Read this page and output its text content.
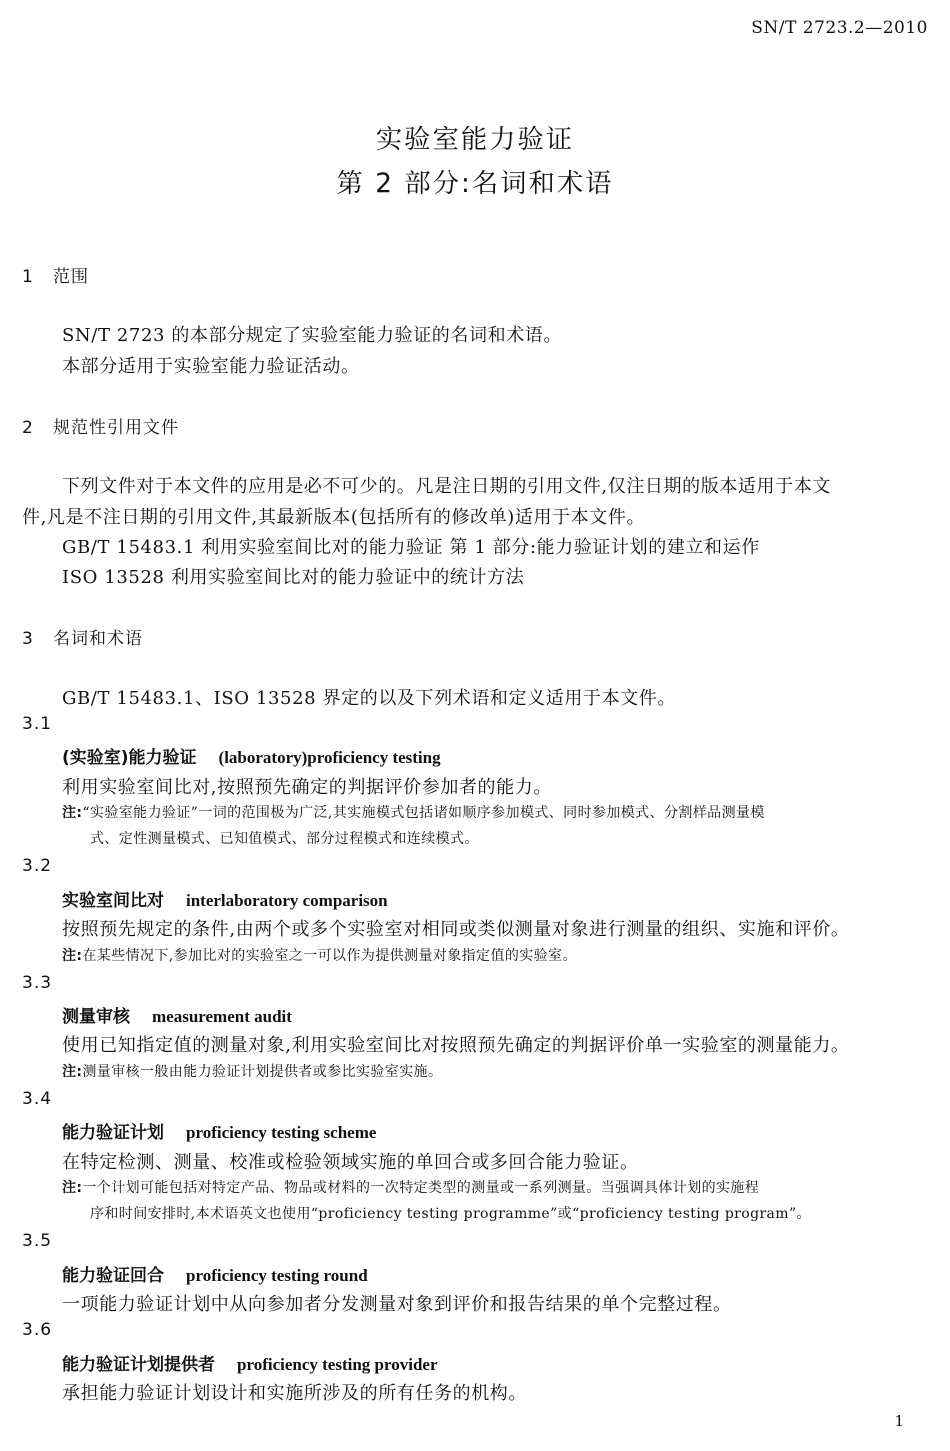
SN/T 2723.2—2010
实验室能力验证
第 2 部分:名词和术语
1 范围
SN/T 2723 的本部分规定了实验室能力验证的名词和术语。
本部分适用于实验室能力验证活动。
2 规范性引用文件
下列文件对于本文件的应用是必不可少的。凡是注日期的引用文件,仅注日期的版本适用于本文
件,凡是不注日期的引用文件,其最新版本(包括所有的修改单)适用于本文件。
GB/T 15483.1 利用实验室间比对的能力验证 第 1 部分:能力验证计划的建立和运作
ISO 13528 利用实验室间比对的能力验证中的统计方法
3 名词和术语
GB/T 15483.1、ISO 13528 界定的以及下列术语和定义适用于本文件。
3.1
(实验室)能力验证 (laboratory)proficiency testing
利用实验室间比对,按照预先确定的判据评价参加者的能力。
注:“实验室能力验证”一词的范围极为广泛,其实施模式包括诸如顺序参加模式、同时参加模式、分割样品测量模
式、定性测量模式、已知值模式、部分过程模式和连续模式。
3.2
实验室间比对 interlaboratory comparison
按照预先规定的条件,由两个或多个实验室对相同或类似测量对象进行测量的组织、实施和评价。
注:在某些情况下,参加比对的实验室之一可以作为提供测量对象指定值的实验室。
3.3
测量审核 measurement audit
使用已知指定值的测量对象,利用实验室间比对按照预先确定的判据评价单一实验室的测量能力。
注:测量审核一般由能力验证计划提供者或参比实验室实施。
3.4
能力验证计划 proficiency testing scheme
在特定检测、测量、校准或检验领域实施的单回合或多回合能力验证。
注:一个计划可能包括对特定产品、物品或材料的一次特定类型的测量或一系列测量。当强调具体计划的实施程
序和时间安排时,本术语英文也使用“proficiency testing programme”或“proficiency testing program”。
3.5
能力验证回合 proficiency testing round
一项能力验证计划中从向参加者分发测量对象到评价和报告结果的单个完整过程。
3.6
能力验证计划提供者 proficiency testing provider
承担能力验证计划设计和实施所涉及的所有任务的机构。
1
